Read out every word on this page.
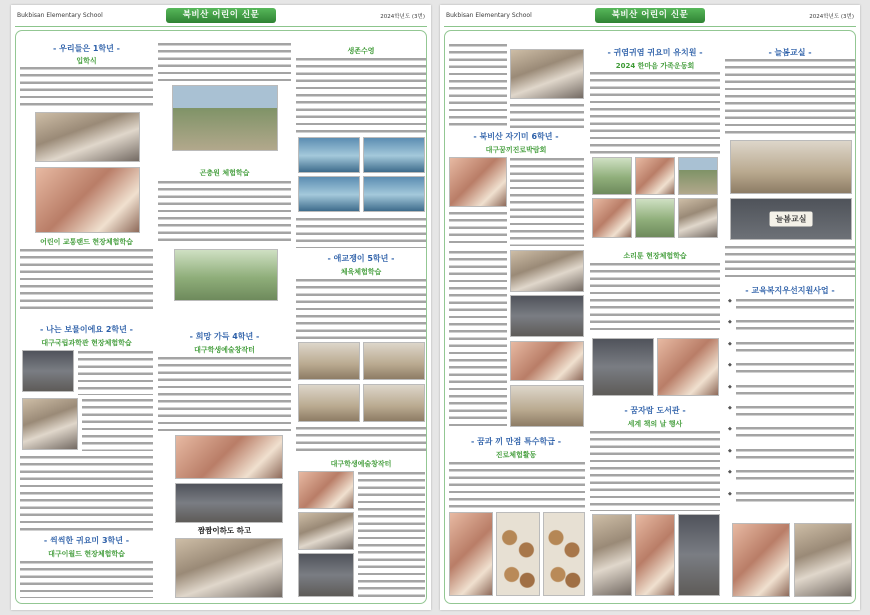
Bukbisan Elementary School	북비산 어린이 신문	2024학년도 (3번)
- 우리들은 1학년 -
입학식
어린이 교통랜드 현장체험학습
- 나는 보물이에요 2학년 -
대구국립과학관 현장체험학습
- 씩씩한 귀요미 3학년 -
대구이월드 현장체험학습
곤충원 체험학습
- 희망 가득 4학년 -
대구학생예술창작터
짬짬이하도 하고
생존수영
- 애교쟁이 5학년 -
체육체험학습
대구학생예술창작터
Bukbisan Elementary School	북비산 어린이 신문	2024학년도 (3번)
- 북비산 자기미 6학년 -
대구꿈끼진로박람회
- 꿈과 끼 만점 특수학급 -
진로체험활동
- 귀염귀염 귀요미 유치원 -
2024 한마음 가족운동회
소리툰 현장체험학습
- 꿈자람 도서관 -
세계 책의 날 행사
- 늘봄교실 -
늘봄교실
- 교육복지우선지원사업 -
◆
◆
◆
◆
◆
◆
◆
◆
◆
◆
